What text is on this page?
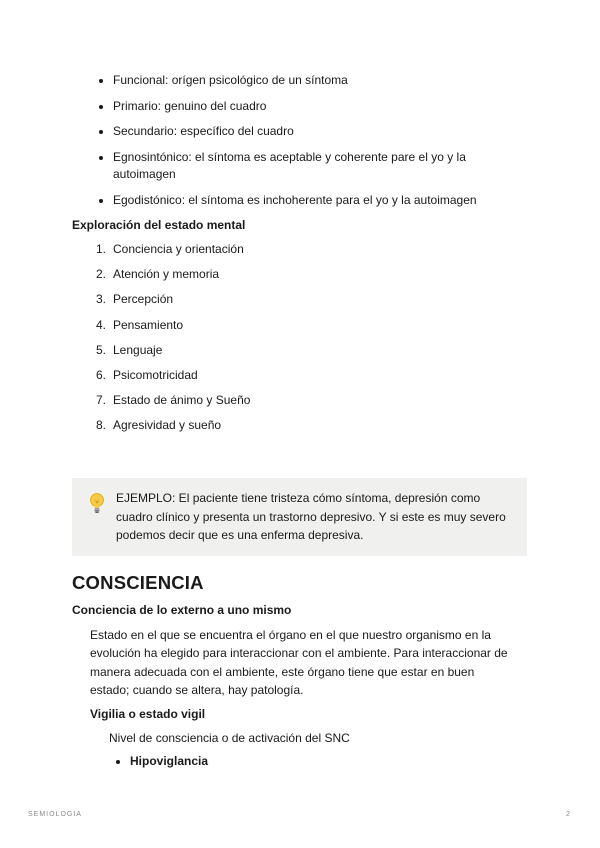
Funcional: orígen psicológico de un síntoma
Primario: genuino del cuadro
Secundario: específico del cuadro
Egnosintónico: el síntoma es aceptable y coherente pare el yo y la autoimagen
Egodistónico: el síntoma es inchoherente para el yo y la autoimagen
Exploración del estado mental
1. Conciencia y orientación
2. Atención y memoria
3. Percepción
4. Pensamiento
5. Lenguaje
6. Psicomotricidad
7. Estado de ánimo y Sueño
8. Agresividad y sueño
EJEMPLO: El paciente tiene tristeza cómo síntoma, depresión como cuadro clínico y presenta un trastorno depresivo. Y si este es muy severo podemos decir que es una enferma depresiva.
CONSCIENCIA
Conciencia de lo externo a uno mismo
Estado en el que se encuentra el órgano en el que nuestro organismo en la evolución ha elegido para interaccionar con el ambiente. Para interaccionar de manera adecuada con el ambiente, este órgano tiene que estar en buen estado; cuando se altera, hay patología.
Vigilia o estado vigil
Nivel de consciencia o de activación del SNC
Hipoviglancia
SEMIOLOGIA	2
